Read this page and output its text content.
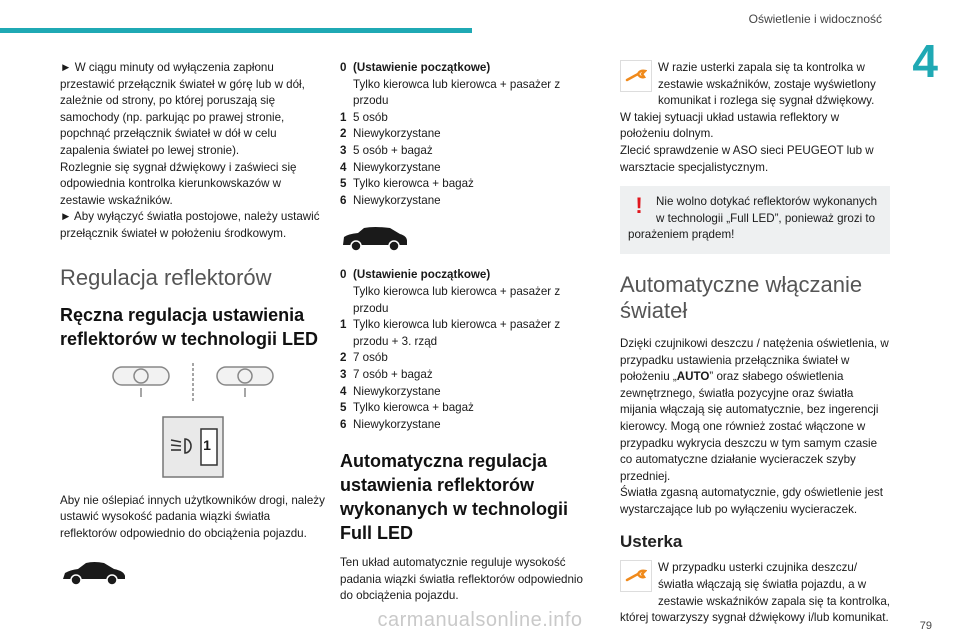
Oświetlenie i widoczność
4

► W ciągu minuty od wyłączenia zapłonu przestawić przełącznik świateł w górę lub w dół, zależnie od strony, po której poruszają się samochody (np. parkując po prawej stronie, popchnąć przełącznik świateł w dół w celu zapalenia świateł po lewej stronie).

Rozlegnie się sygnał dźwiękowy i zaświeci się odpowiednia kontrolka kierunkowskazów w zestawie wskaźników.

► Aby wyłączyć światła postojowe, należy ustawić przełącznik świateł w położeniu środkowym.

Regulacja reflektorów
Ręczna regulacja ustawienia reflektorów w technologii LED
1

Aby nie oślepiać innych użytkowników drogi, należy ustawić wysokość padania wiązki światła reflektorów odpowiednio do obciążenia pojazdu.

0 (Ustawienie początkowe)
Tylko kierowca lub kierowca + pasażer z przodu
1 5 osób
2 Niewykorzystane
3 5 osób + bagaż
4 Niewykorzystane
5 Tylko kierowca + bagaż
6 Niewykorzystane
0 (Ustawienie początkowe)
Tylko kierowca lub kierowca + pasażer z przodu
1 Tylko kierowca lub kierowca + pasażer z przodu + 3. rząd
2 7 osób
3 7 osób + bagaż
4 Niewykorzystane
5 Tylko kierowca + bagaż
6 Niewykorzystane
Automatyczna regulacja ustawienia reflektorów wykonanych w technologii Full LED

Ten układ automatycznie reguluje wysokość padania wiązki światła reflektorów odpowiednio do obciążenia pojazdu.

W razie usterki zapala się ta kontrolka w zestawie wskaźników, zostaje wyświetlony komunikat i rozlega się sygnał dźwiękowy.

W takiej sytuacji układ ustawia reflektory w położeniu dolnym.

Zlecić sprawdzenie w ASO sieci PEUGEOT lub w warsztacie specjalistycznym.

!	Nie wolno dotykać reflektorów wykonanych w technologii „Full LED”, ponieważ grozi to porażeniem prądem!

Automatyczne włączanie świateł

Dzięki czujnikowi deszczu / natężenia oświetlenia, w przypadku ustawienia przełącznika świateł w położeniu „AUTO” oraz słabego oświetlenia zewnętrznego, światła pozycyjne oraz światła mijania włączają się automatycznie, bez ingerencji kierowcy. Mogą one również zostać włączone w przypadku wykrycia deszczu w tym samym czasie co automatyczne działanie wycieraczek szyby przedniej.

Światła zgasną automatycznie, gdy oświetlenie jest wystarczające lub po wyłączeniu wycieraczek.

Usterka

W przypadku usterki czujnika deszczu/ światła włączają się światła pojazdu, a w zestawie wskaźników zapala się ta kontrolka, której towarzyszy sygnał dźwiękowy i/lub komunikat.

carmanualsonline.info	79
